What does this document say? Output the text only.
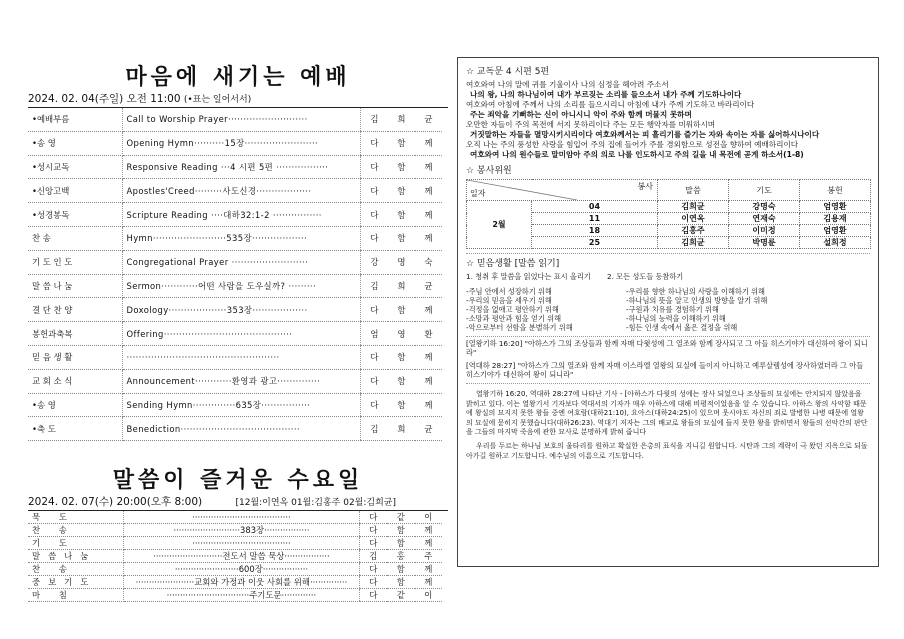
마음에 새기는 예배
2024. 02. 04(주일) 오전 11:00 (•표는 일어서서)
•예배부름	Call to Worship Prayer··························	김	희	균
•송 영	Opening Hymn··········15장························	다	함	께
•성시교독	Responsive Reading ···4 시편 5편 ·················	다	함	께
•신앙고백	Apostles'Creed·········사도신경··················	다	함	께
•성경봉독	Scripture Reading ····대하32:1-2 ················	다	함	께
찬 송	Hymn························535장··················	다	함	께
기 도 인 도	Congregational Prayer ·························	강	명	숙
말 씀 나 눔	Sermon············어떤 사람을 도우실까? ·········	김	희	균
결 단 찬 양	Doxology···················353장··················	다	함	께
봉헌과축복	Offering··········································	엄	영	환
믿 음 생 활	··················································	다	함	께
교 회 소 식	Announcement············환영과 광고··············	다	함	께
•송 영	Sending Hymn··············635장················	다	함	께
•축 도	Benediction·······································	김	희	균
말씀이 즐거운 수요일
2024. 02. 07(수) 20:00(오후 8:00)	[12월:이연옥 01월:김홍주 02월:김희균]
묵 도	·····································	다	같	이
찬 송	·························383장·················	다	함	께
기 도	·····································	다	함	께
말씀나눔	··························전도서 말씀 묵상·················	김	홍	주
찬 송	························600장·················	다	함	께
중보기도	······················교회와 가정과 이웃 사회를 위해··············	다	함	께
마 침	·······························주기도문·············	다	같	이
☆ 교독문 4 시편 5편
여호와여 나의 말에 귀를 기울이사 나의 심정을 헤아려 주소서
나의 왕, 나의 하나님이여 내가 부르짖는 소리를 들으소서 내가 주께 기도하나이다
여호와여 아침에 주께서 나의 소리를 들으시리니 아침에 내가 주께 기도하고 바라리이다
주는 죄악을 기뻐하는 신이 아니시니 악이 주와 함께 머물지 못하며
오만한 자들이 주의 목전에 서지 못하리이다 주는 모든 행악자를 미워하시며
거짓말하는 자들을 멸망시키시리이다 여호와께서는 피 흘리기를 즐기는 자와 속이는 자를 싫어하시나이다
오직 나는 주의 풍성한 사랑을 힘입어 주의 집에 들어가 주를 경외함으로 성전을 향하여 예배하리이다
여호와여 나의 원수들로 말미암아 주의 의로 나를 인도하시고 주의 길을 내 목전에 곧게 하소서(1-8)
☆ 봉사위원
봉사
일자		말씀	기도	봉헌
2월	04	김희균	강명숙	엄영환
	11	이연옥	연재숙	김용재
	18	김홍주	이미정	엄영환
	25	김희균	박명륜	설희정
☆ 믿음생활 [말씀 읽기]
1. 청취 후 말씀을 읽었다는 표시 올리기 2. 모든 성도들 동참하기
-주님 안에서 성장하기 위해
-우리의 믿음을 세우기 위해
-걱정을 없애고 평안하기 위해
-소망과 평안과 힘을 얻기 위해
-악으로부터 선함을 분별하기 위해
-우리를 향한 하나님의 사랑을 이해하기 위해
-하나님의 뜻을 알고 인생의 방향을 알기 위해
-구원과 치유를 경험하기 위해
-하나님의 능력을 이해하기 위해
-힘든 인생 속에서 옳은 결정을 위해
[열왕기하 16:20] "아하스가 그의 조상들과 함께 자매 다윗성에 그 열조와 함께 장사되고 그 아들 히스기야가 대신하여 왕이 되니라"
[역대하 28:27] "아하스가 그의 열조와 함께 자매 이스라엘 열왕의 묘실에 들이지 아니하고 예루살렘성에 장사하였더라 그 아들 히스기야가 대신하여 왕이 되니라"
열왕기하 16:20, 역대하 28:27에 나타난 기사 - [아하스가 다윗의 성에는 장사 되었으나 조상들의 묘실에는 안치되지 않았음을 밝히고 있다. 이는 열왕기서 기자보다 역대서의 기자가 매우 아하스에 대해 비평적이었음을 알 수 있습니다. 아하스 왕의 사악함 때문에 왕실의 묘지지 못한 왕들 중엔 여호람(대하21:10), 요아스(대하24:25)이 있으며 웃시야도 자신의 죄로 발병한 나병 때문에 열왕의 묘실에 묻히지 못했습니다(대하26:23). 역대기 저자는 그의 배교로 왕들의 묘실에 들지 못한 왕을 밝히면서 왕들의 선악간의 판단을 그들의 마지막 죽음에 관한 묘사로 분명하게 밝혀 줍니다
우리를 두르는 하나님 보호의 울타리를 원하고 확실한 은총의 표식을 지니길 원합니다. 시탄과 그의 계략이 극 왔던 지옥으로 되돌아가길 원하고 기도합니다. 예수님의 이름으로 기도합니다.
